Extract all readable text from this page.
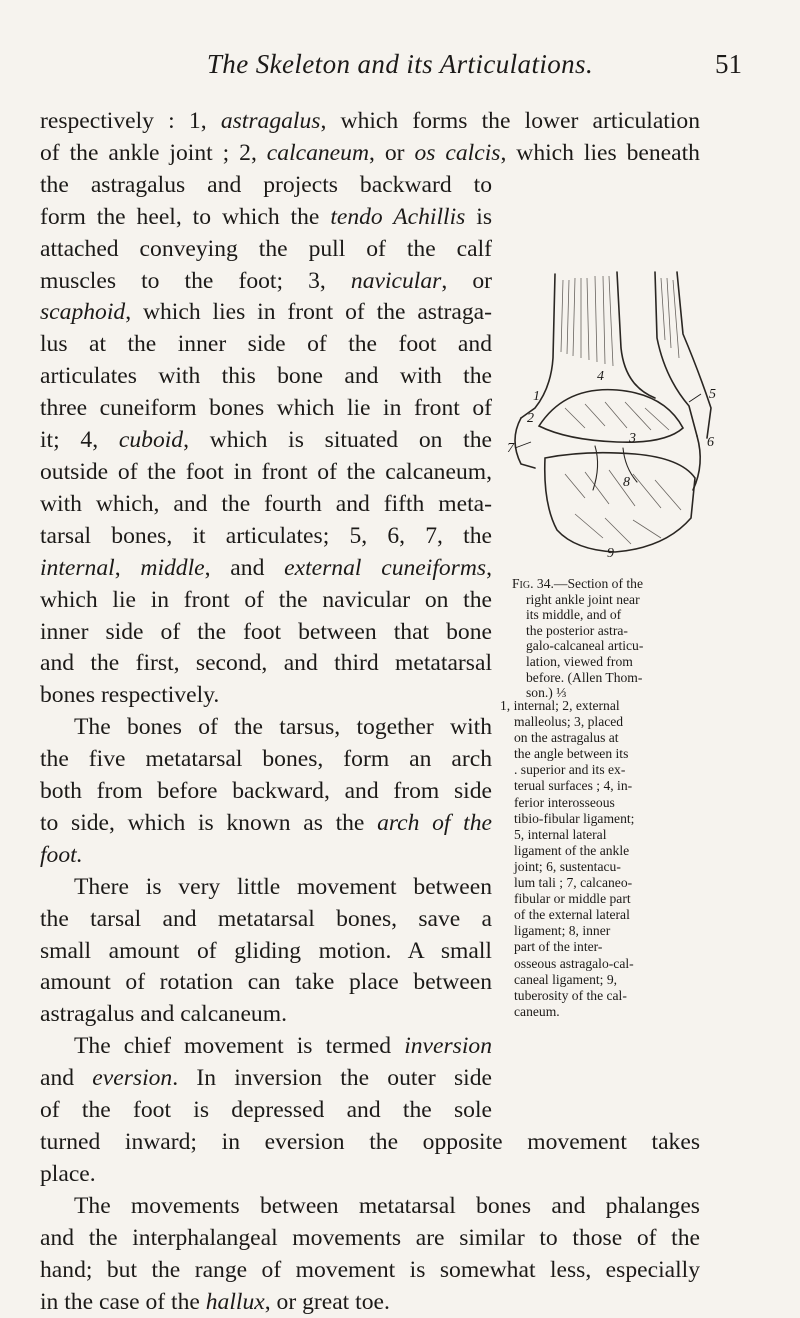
The Skeleton and its Articulations.	51
respectively : 1, astragalus, which forms the lower articulation
of the ankle joint ; 2, calcaneum, or os calcis, which lies beneath
the astragalus and projects backward to
form the heel, to which the tendo Achillis is
attached conveying the pull of the calf
muscles to the foot; 3, navicular, or
scaphoid, which lies in front of the astraga-
lus at the inner side of the foot and
articulates with this bone and with the
three cuneiform bones which lie in front of
it; 4, cuboid, which is situated on the
outside of the foot in front of the calcaneum,
with which, and the fourth and fifth meta-
tarsal bones, it articulates; 5, 6, 7, the
internal, middle, and external cuneiforms,
which lie in front of the navicular on the
inner side of the foot between that bone
and the first, second, and third metatarsal
bones respectively.
The bones of the tarsus, together with
the five metatarsal bones, form an arch
both from before backward, and from side
to side, which is known as the arch of the
foot.
There is very little movement between
the tarsal and metatarsal bones, save a
small amount of gliding motion. A small
amount of rotation can take place between
astragalus and calcaneum.
The chief movement is termed inversion
and eversion. In inversion the outer side
of the foot is depressed and the sole
turned inward; in eversion the opposite movement takes
place.
The movements between metatarsal bones and phalanges
and the interphalangeal movements are similar to those of the
hand; but the range of movement is somewhat less, especially
in the case of the hallux, or great toe.
4
2
1
3
5
6
7
8
9
Fig. 34.—Section of the
right ankle joint near
its middle, and of
the posterior astra-
galo-calcaneal articu-
lation, viewed from
before. (Allen Thom-
son.) ⅓
1, internal; 2, external
malleolus; 3, placed
on the astragalus at
the angle between its
. superior and its ex-
terual surfaces ; 4, in-
ferior interosseous
tibio-fibular ligament;
5, internal lateral
ligament of the ankle
joint; 6, sustentacu-
lum tali ; 7, calcaneo-
fibular or middle part
of the external lateral
ligament; 8, inner
part of the inter-
osseous astragalo-cal-
caneal ligament; 9,
tuberosity of the cal-
caneum.
